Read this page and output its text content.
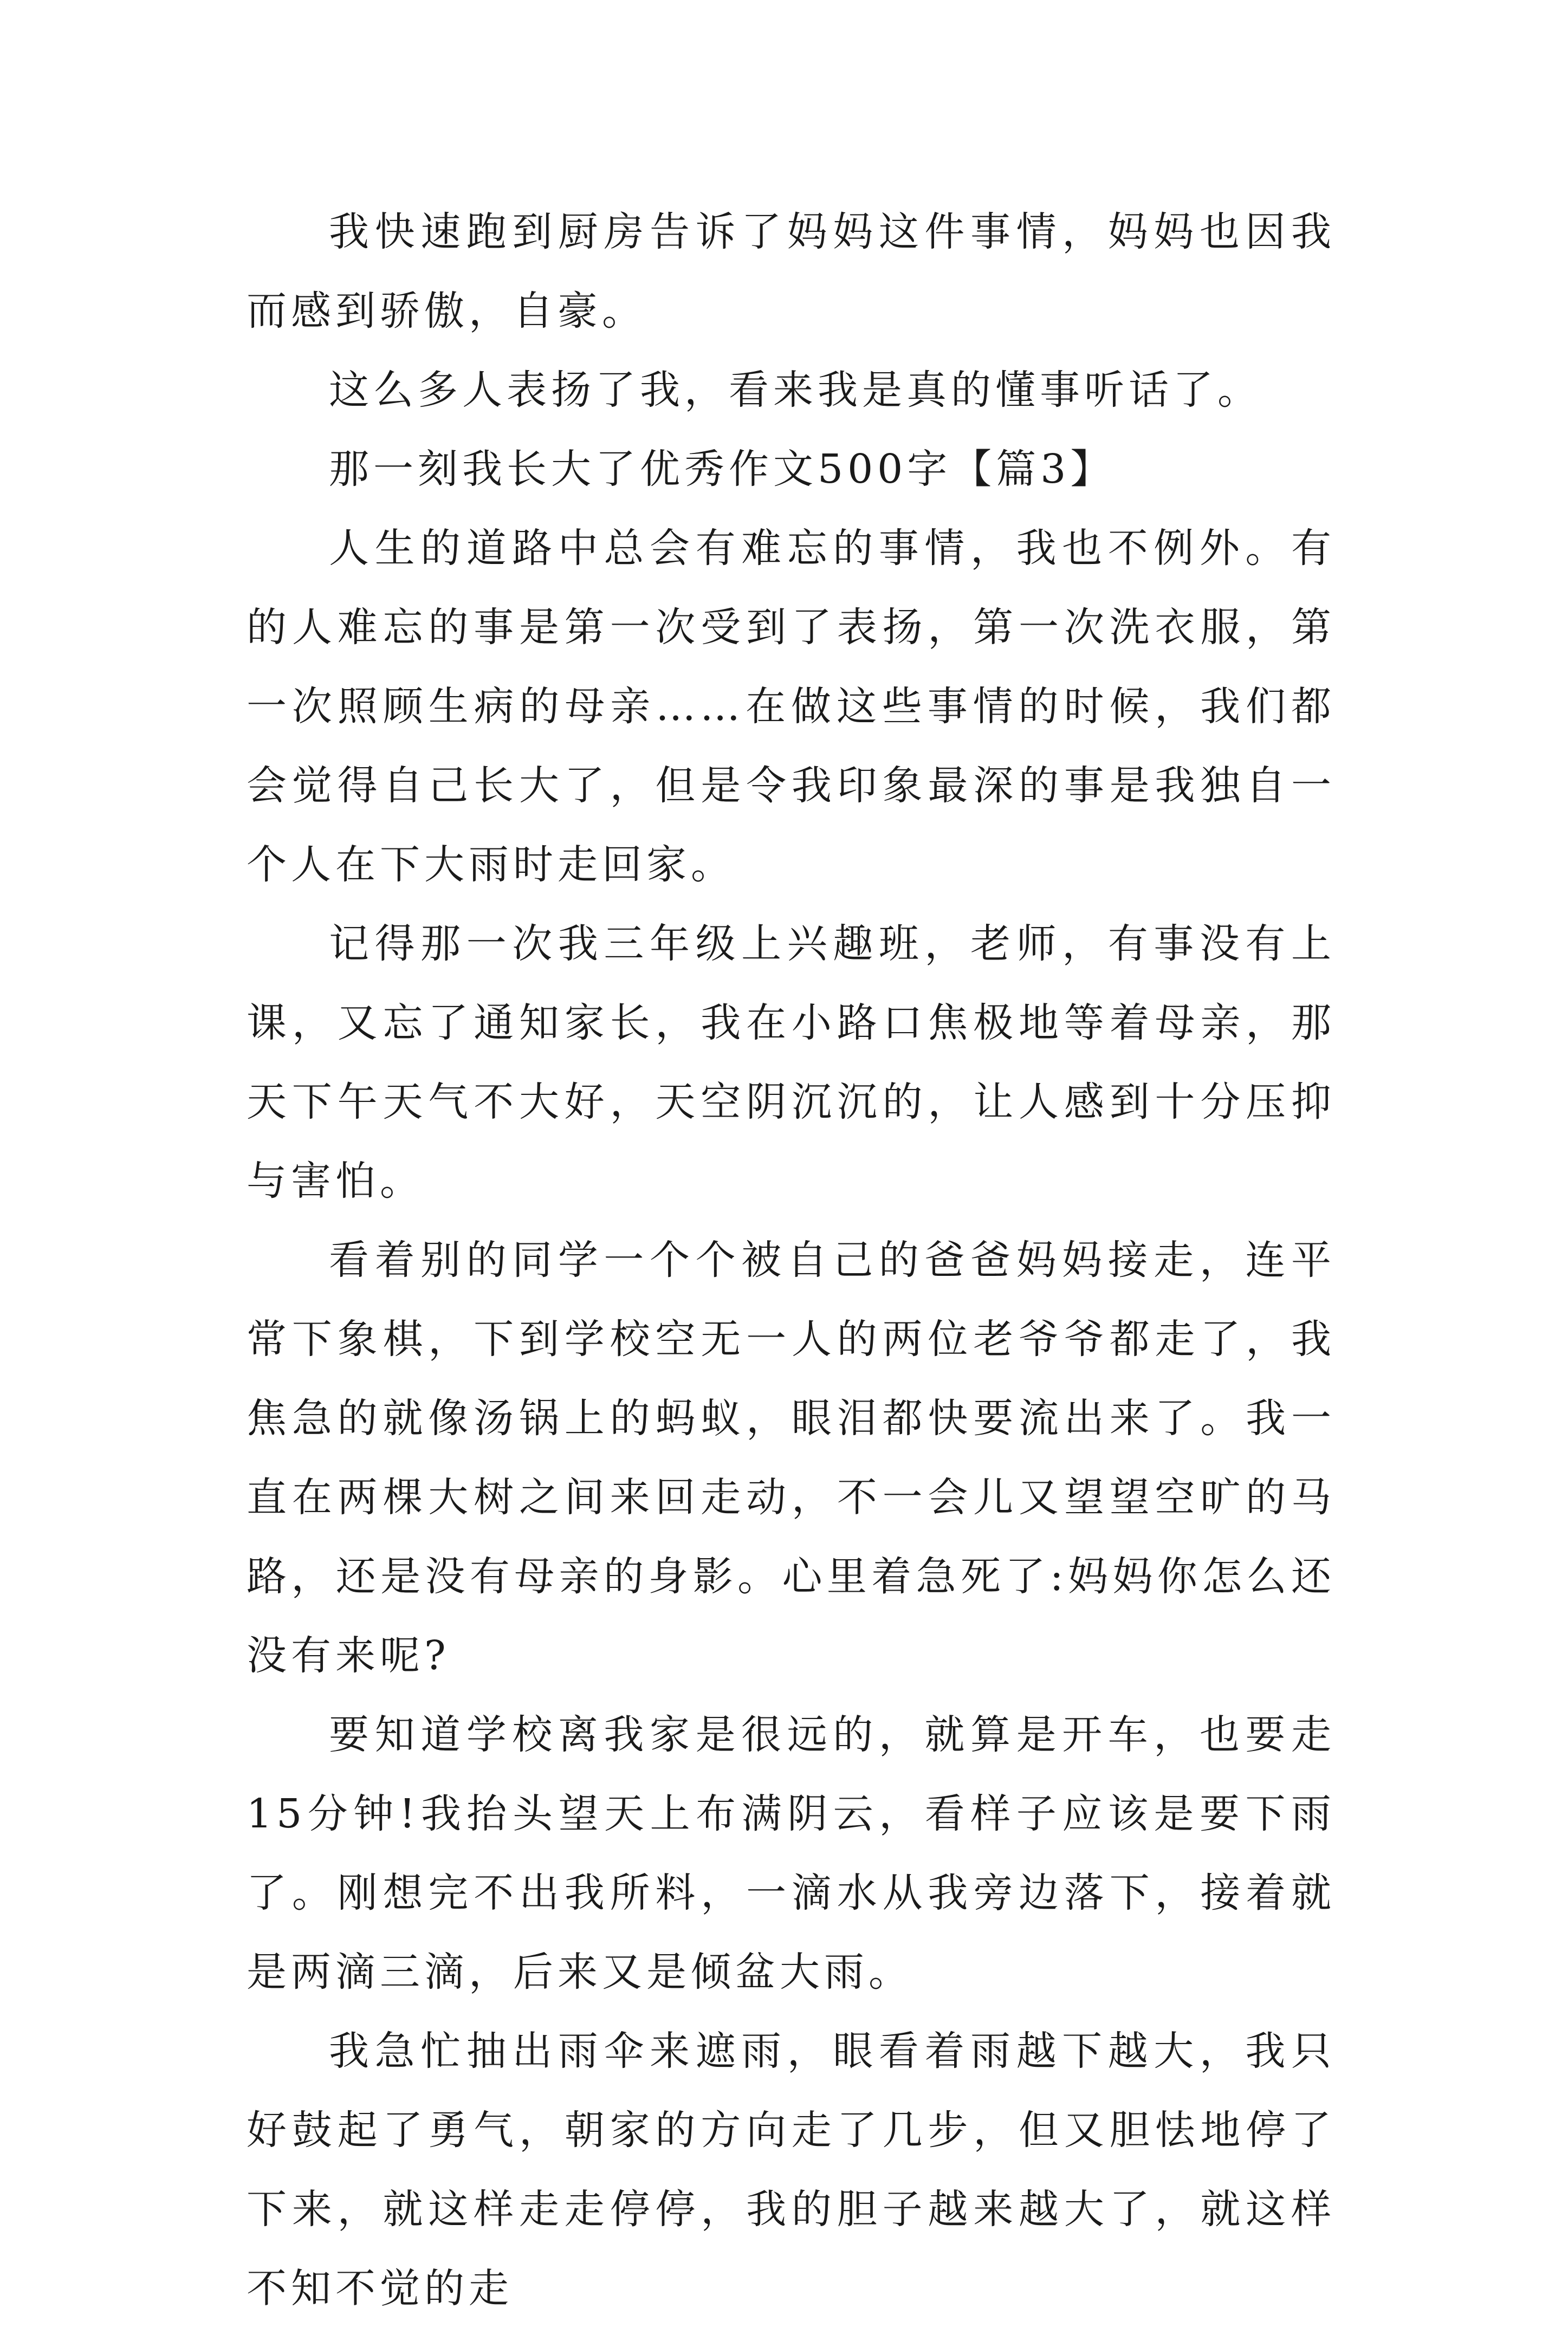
我快速跑到厨房告诉了妈妈这件事情，妈妈也因我而感到骄傲，自豪。

这么多人表扬了我，看来我是真的懂事听话了。

那一刻我长大了优秀作文500字【篇3】

人生的道路中总会有难忘的事情，我也不例外。有的人难忘的事是第一次受到了表扬，第一次洗衣服，第一次照顾生病的母亲……在做这些事情的时候，我们都会觉得自己长大了，但是令我印象最深的事是我独自一个人在下大雨时走回家。

记得那一次我三年级上兴趣班，老师，有事没有上课，又忘了通知家长，我在小路口焦极地等着母亲，那天下午天气不大好，天空阴沉沉的，让人感到十分压抑与害怕。

看着别的同学一个个被自己的爸爸妈妈接走，连平常下象棋，下到学校空无一人的两位老爷爷都走了，我焦急的就像汤锅上的蚂蚁，眼泪都快要流出来了。我一直在两棵大树之间来回走动，不一会儿又望望空旷的马路，还是没有母亲的身影。心里着急死了:妈妈你怎么还没有来呢?

要知道学校离我家是很远的，就算是开车，也要走15分钟!我抬头望天上布满阴云，看样子应该是要下雨了。刚想完不出我所料，一滴水从我旁边落下，接着就是两滴三滴，后来又是倾盆大雨。

我急忙抽出雨伞来遮雨，眼看着雨越下越大，我只好鼓起了勇气，朝家的方向走了几步，但又胆怯地停了下来，就这样走走停停，我的胆子越来越大了，就这样不知不觉的走
